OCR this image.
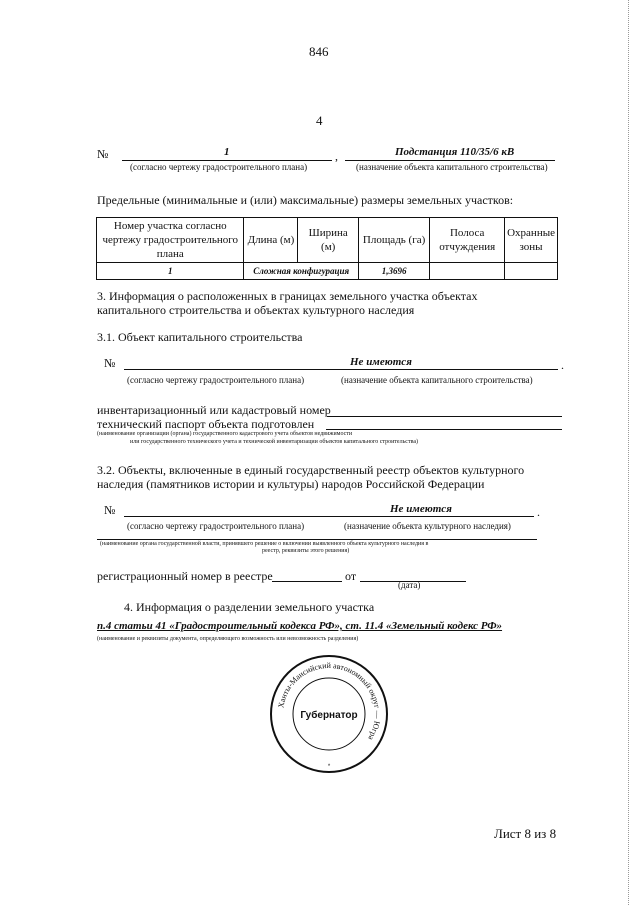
846
4
№	1	,	Подстанция 110/35/6 кВ
(согласно чертежу градостроительного плана)	(назначение объекта капитального строительства)
Предельные (минимальные и (или) максимальные) размеры земельных участков:
Номер участка согласно чертежу градостроительного плана	Длина (м)	Ширина (м)	Площадь (га)	Полоса отчуждения	Охранные зоны
1	Сложная конфигурация		1,3696		
3. Информация о расположенных в границах земельного участка объектах
капитального строительства и объектах культурного наследия
3.1. Объект капитального строительства
№	Не имеются	.
(согласно чертежу градостроительного плана)	(назначение объекта капитального строительства)
инвентаризационный или кадастровый номер
технический паспорт объекта подготовлен
(наименование организации (органа) государственного кадастрового учета объектов недвижимости
или государственного технического учета и технической инвентаризации объектов капитального строительства)
3.2. Объекты, включенные в единый государственный реестр объектов культурного
наследия (памятников истории и культуры) народов Российской Федерации
№	Не имеются	.
(согласно чертежу градостроительного плана)	(назначение объекта культурного наследия)
(наименование органа государственной власти, принявшего решение о включении выявленного объекта культурного наследия в
реестр, реквизиты этого решения)
регистрационный номер в реестре	от
(дата)
4. Информация о разделении земельного участка
п.4 статьи 41 «Градостроительный кодекса РФ», ст. 11.4 «Земельный кодекс РФ»
(наименование и реквизиты документа, определяющего возможность или невозможность разделения)
Ханты-Мансийский автономный округ — Югра
Губернатор
*
Лист 8 из 8
